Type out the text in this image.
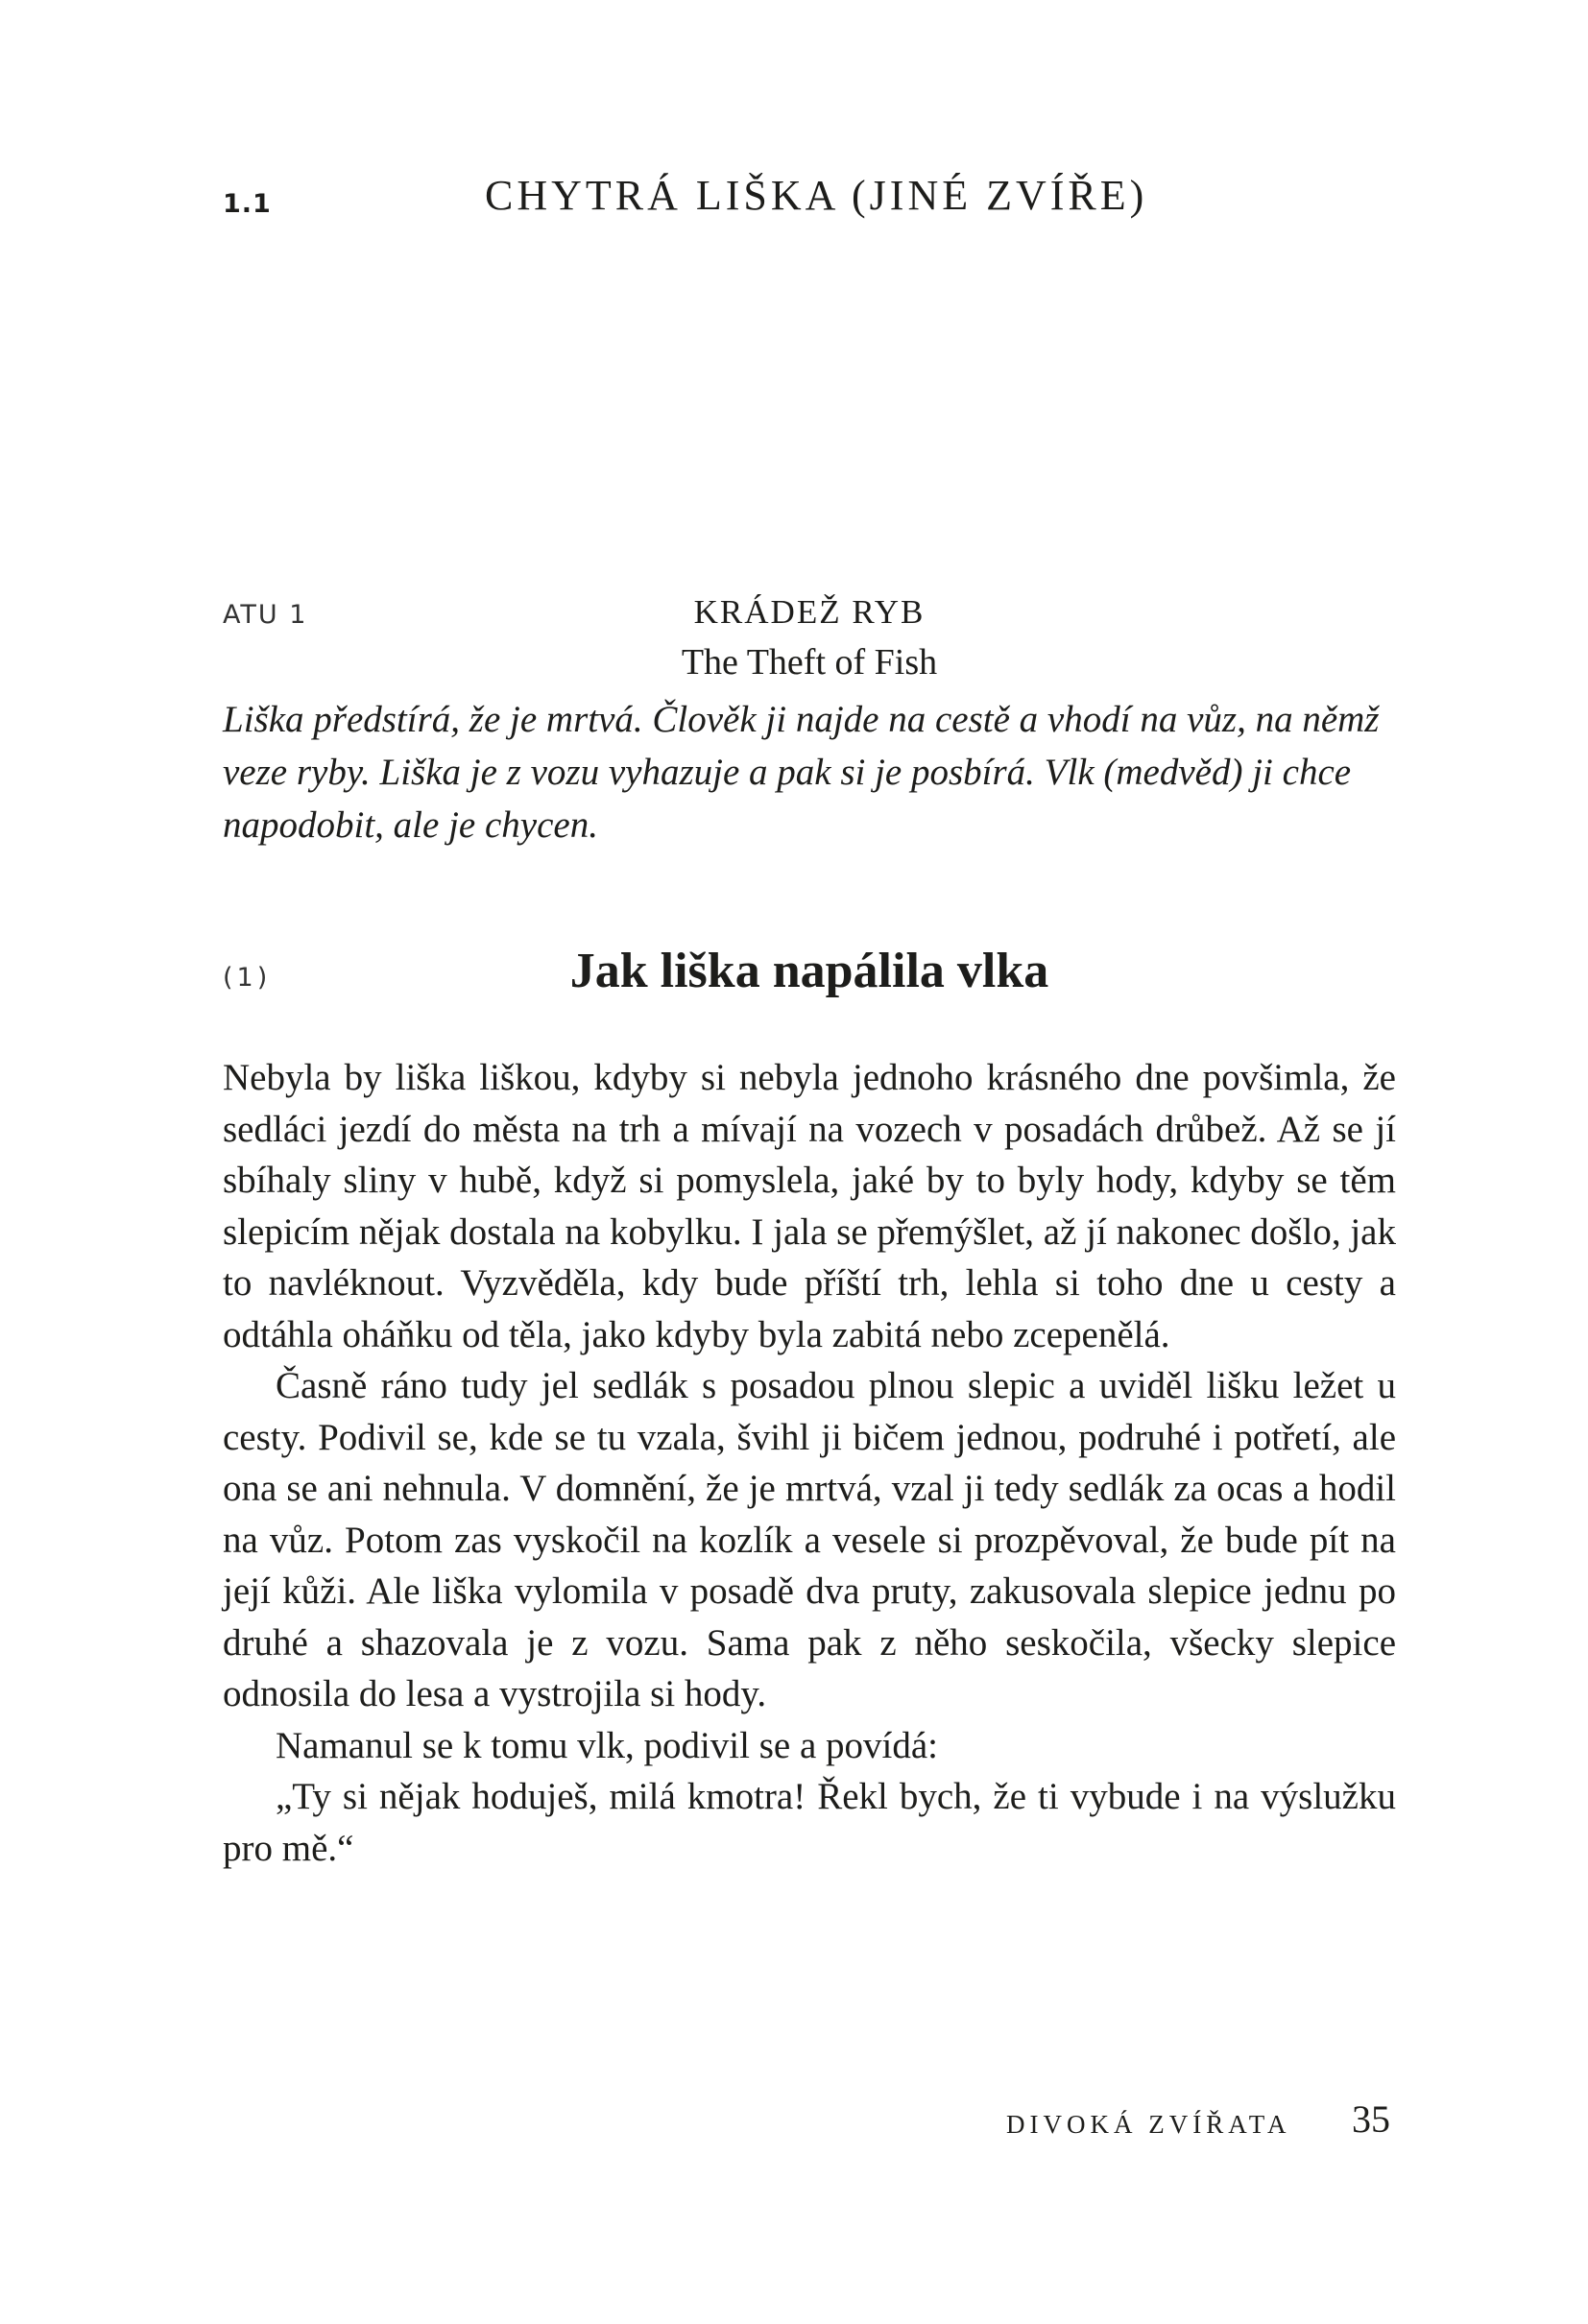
1.1	CHYTRÁ LIŠKA (JINÉ ZVÍŘE)
ATU 1	KRÁDEŽ RYB
The Theft of Fish

Liška předstírá, že je mrtvá. Člověk ji najde na cestě a vhodí na vůz, na němž veze ryby. Liška je z vozu vyhazuje a pak si je posbírá. Vlk (medvěd) ji chce napodobit, ale je chycen.

(1)	Jak liška napálila vlka

Nebyla by liška liškou, kdyby si nebyla jednoho krásného dne povšimla, že sedláci jezdí do města na trh a mívají na vozech v posadách drůbež. Až se jí sbíhaly sliny v hubě, když si pomyslela, jaké by to byly hody, kdyby se těm slepicím nějak dostala na kobylku. I jala se přemýšlet, až jí nakonec došlo, jak to navléknout. Vyzvěděla, kdy bude příští trh, lehla si toho dne u cesty a odtáhla oháňku od těla, jako kdyby byla zabitá nebo zcepenělá.

Časně ráno tudy jel sedlák s posadou plnou slepic a uviděl lišku ležet u cesty. Podivil se, kde se tu vzala, švihl ji bičem jednou, podruhé i potřetí, ale ona se ani nehnula. V domnění, že je mrtvá, vzal ji tedy sedlák za ocas a hodil na vůz. Potom zas vyskočil na kozlík a vesele si prozpěvoval, že bude pít na její kůži. Ale liška vylomila v posadě dva pruty, zakusovala slepice jednu po druhé a shazovala je z vozu. Sama pak z něho seskočila, všecky slepice odnosila do lesa a vystrojila si hody.

Namanul se k tomu vlk, podivil se a povídá:

„Ty si nějak hoduješ, milá kmotra! Řekl bych, že ti vybude i na výslužku pro mě.“

DIVOKÁ ZVÍŘATA 35
